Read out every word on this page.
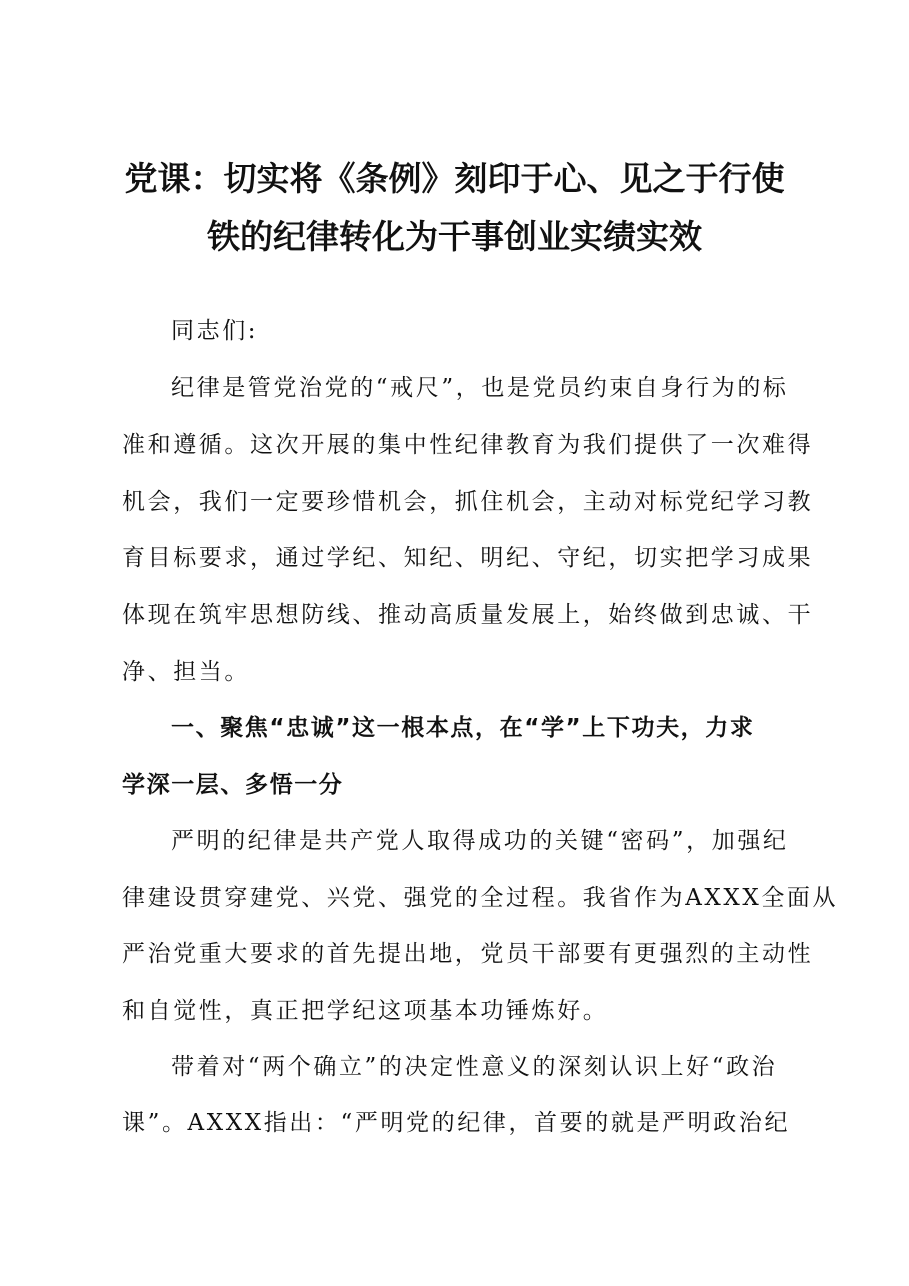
党课：切实将《条例》刻印于心、见之于行使
铁的纪律转化为干事创业实绩实效
同志们:
纪律是管党治党的“戒尺”，也是党员约束自身行为的标
准和遵循。这次开展的集中性纪律教育为我们提供了一次难得
机会，我们一定要珍惜机会，抓住机会，主动对标党纪学习教
育目标要求，通过学纪、知纪、明纪、守纪，切实把学习成果
体现在筑牢思想防线、推动高质量发展上，始终做到忠诚、干
净、担当。
一、聚焦“忠诚”这一根本点，在“学”上下功夫，力求
学深一层、多悟一分
严明的纪律是共产党人取得成功的关键“密码”，加强纪
律建设贯穿建党、兴党、强党的全过程。我省作为AXXX全面从
严治党重大要求的首先提出地，党员干部要有更强烈的主动性
和自觉性，真正把学纪这项基本功锤炼好。
带着对“两个确立”的决定性意义的深刻认识上好“政治
课”。AXXX指出：“严明党的纪律，首要的就是严明政治纪
